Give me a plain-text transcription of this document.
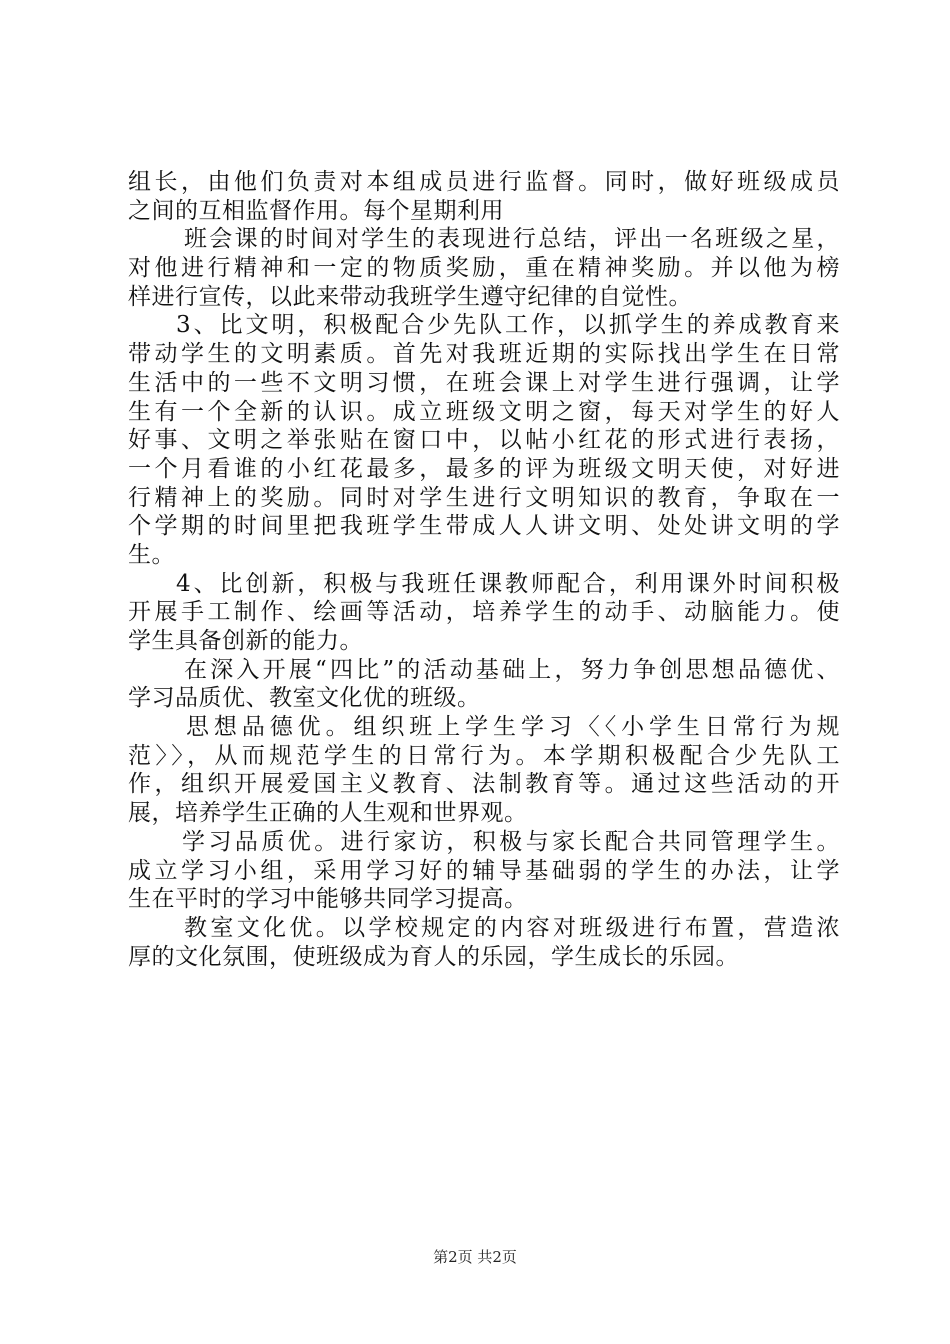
组长，由他们负责对本组成员进行监督。同时，做好班级成员
之间的互相监督作用。每个星期利用
班会课的时间对学生的表现进行总结，评出一名班级之星，
对他进行精神和一定的物质奖励，重在精神奖励。并以他为榜
样进行宣传，以此来带动我班学生遵守纪律的自觉性。
3、比文明，积极配合少先队工作，以抓学生的养成教育来
带动学生的文明素质。首先对我班近期的实际找出学生在日常
生活中的一些不文明习惯，在班会课上对学生进行强调，让学
生有一个全新的认识。成立班级文明之窗，每天对学生的好人
好事、文明之举张贴在窗口中，以帖小红花的形式进行表扬，
一个月看谁的小红花最多，最多的评为班级文明天使，对好进
行精神上的奖励。同时对学生进行文明知识的教育，争取在一
个学期的时间里把我班学生带成人人讲文明、处处讲文明的学
生。
4、比创新，积极与我班任课教师配合，利用课外时间积极
开展手工制作、绘画等活动，培养学生的动手、动脑能力。使
学生具备创新的能力。
在深入开展“四比”的活动基础上，努力争创思想品德优、
学习品质优、教室文化优的班级。
思想品德优。组织班上学生学习〈〈小学生日常行为规
范〉〉，从而规范学生的日常行为。本学期积极配合少先队工
作，组织开展爱国主义教育、法制教育等。通过这些活动的开
展，培养学生正确的人生观和世界观。
学习品质优。进行家访，积极与家长配合共同管理学生。
成立学习小组，采用学习好的辅导基础弱的学生的办法，让学
生在平时的学习中能够共同学习提高。
教室文化优。以学校规定的内容对班级进行布置，营造浓
厚的文化氛围，使班级成为育人的乐园，学生成长的乐园。
第2页 共2页
